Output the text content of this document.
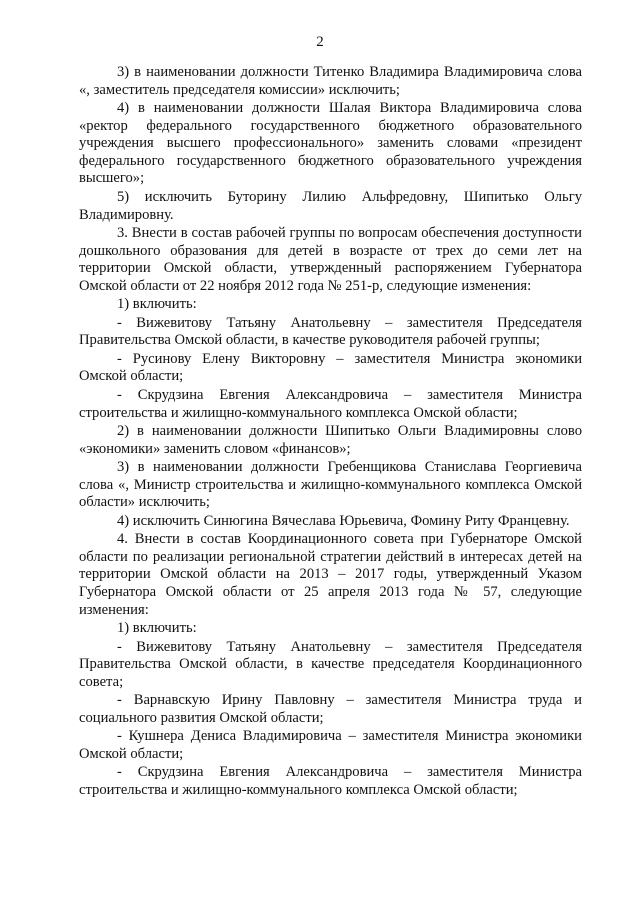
2

3) в наименовании должности Титенко Владимира Владимировича слова «, заместитель председателя комиссии» исключить;

4) в наименовании должности Шалая Виктора Владимировича слова «ректор федерального государственного бюджетного образовательного учреждения высшего профессионального» заменить словами «президент федерального государственного бюджетного образовательного учреждения высшего»;

5) исключить Буторину Лилию Альфредовну, Шипитько Ольгу Владимировну.

3. Внести в состав рабочей группы по вопросам обеспечения доступности дошкольного образования для детей в возрасте от трех до семи лет на территории Омской области, утвержденный распоряжением Губернатора Омской области от 22 ноября 2012 года № 251-р, следующие изменения:

1) включить:

- Вижевитову Татьяну Анатольевну – заместителя Председателя Правительства Омской области, в качестве руководителя рабочей группы;

- Русинову Елену Викторовну – заместителя Министра экономики Омской области;

- Скрудзина Евгения Александровича – заместителя Министра строительства и жилищно-коммунального комплекса Омской области;

2) в наименовании должности Шипитько Ольги Владимировны слово «экономики» заменить словом «финансов»;

3) в наименовании должности Гребенщикова Станислава Георгиевича слова «, Министр строительства и жилищно-коммунального комплекса Омской области» исключить;

4) исключить Синюгина Вячеслава Юрьевича, Фомину Риту Францевну.

4. Внести в состав Координационного совета при Губернаторе Омской области по реализации региональной стратегии действий в интересах детей на территории Омской области на 2013 – 2017 годы, утвержденный Указом Губернатора Омской области от 25 апреля 2013 года № 57, следующие изменения:

1) включить:

- Вижевитову Татьяну Анатольевну – заместителя Председателя Правительства Омской области, в качестве председателя Координационного совета;

- Варнавскую Ирину Павловну – заместителя Министра труда и социального развития Омской области;

- Кушнера Дениса Владимировича – заместителя Министра экономики Омской области;

- Скрудзина Евгения Александровича – заместителя Министра строительства и жилищно-коммунального комплекса Омской области;
